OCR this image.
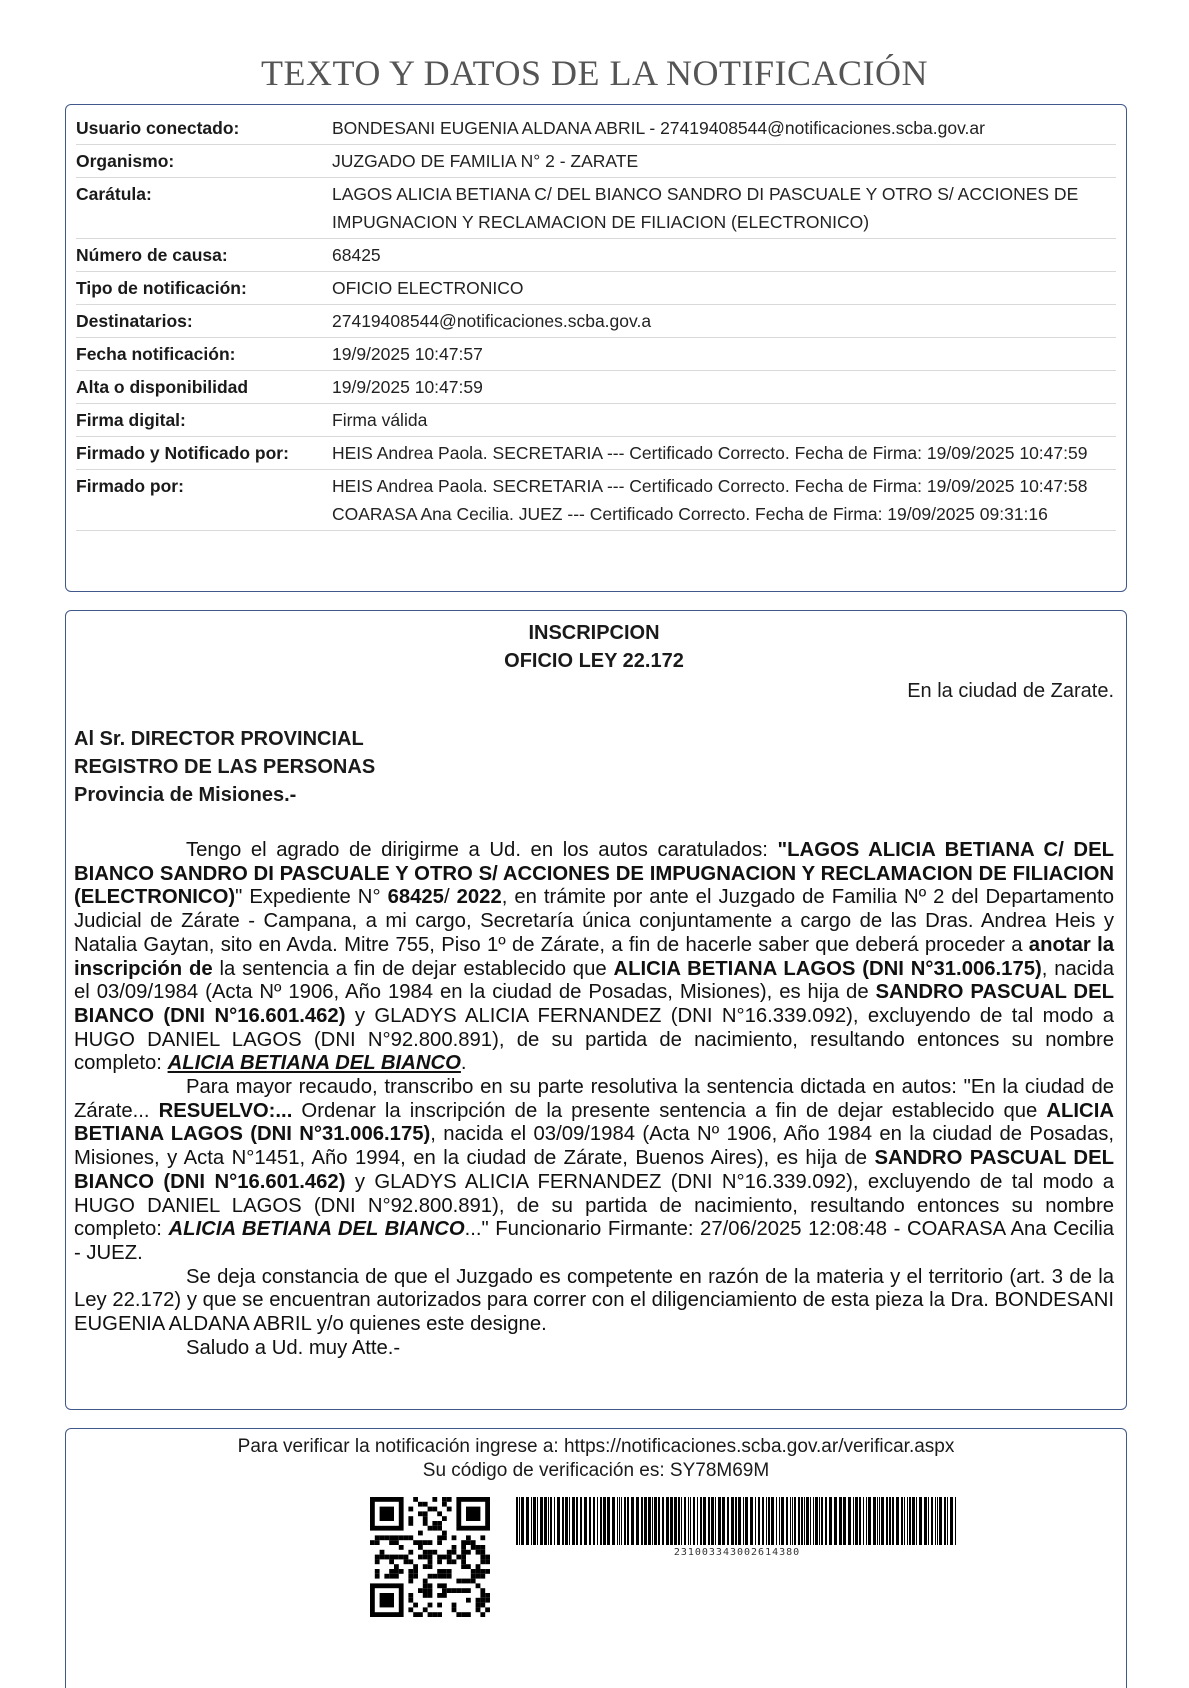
TEXTO Y DATOS DE LA NOTIFICACIÓN
Usuario conectado:	BONDESANI EUGENIA ALDANA ABRIL - 27419408544@notificaciones.scba.gov.ar
Organismo:	JUZGADO DE FAMILIA N° 2 - ZARATE
Carátula:	LAGOS ALICIA BETIANA C/ DEL BIANCO SANDRO DI PASCUALE Y OTRO S/ ACCIONES DE IMPUGNACION Y RECLAMACION DE FILIACION (ELECTRONICO)
Número de causa:	68425
Tipo de notificación:	OFICIO ELECTRONICO
Destinatarios:	27419408544@notificaciones.scba.gov.a
Fecha notificación:	19/9/2025 10:47:57
Alta o disponibilidad	19/9/2025 10:47:59
Firma digital:	Firma válida
Firmado y Notificado por:	HEIS Andrea Paola. SECRETARIA --- Certificado Correcto. Fecha de Firma: 19/09/2025 10:47:59
Firmado por:	HEIS Andrea Paola. SECRETARIA --- Certificado Correcto. Fecha de Firma: 19/09/2025 10:47:58 COARASA Ana Cecilia. JUEZ --- Certificado Correcto. Fecha de Firma: 19/09/2025 09:31:16
INSCRIPCION
OFICIO LEY 22.172
En la ciudad de Zarate.
Al Sr. DIRECTOR PROVINCIAL
REGISTRO DE LAS PERSONAS
Provincia de Misiones.-

Tengo el agrado de dirigirme a Ud. en los autos caratulados: "LAGOS ALICIA BETIANA C/ DEL BIANCO SANDRO DI PASCUALE Y OTRO S/ ACCIONES DE IMPUGNACION Y RECLAMACION DE FILIACION (ELECTRONICO)" Expediente N° 68425/ 2022, en trámite por ante el Juzgado de Familia Nº 2 del Departamento Judicial de Zárate - Campana, a mi cargo, Secretaría única conjuntamente a cargo de las Dras. Andrea Heis y Natalia Gaytan, sito en Avda. Mitre 755, Piso 1º de Zárate, a fin de hacerle saber que deberá proceder a anotar la inscripción de la sentencia a fin de dejar establecido que ALICIA BETIANA LAGOS (DNI N°31.006.175), nacida el 03/09/1984 (Acta Nº 1906, Año 1984 en la ciudad de Posadas, Misiones), es hija de SANDRO PASCUAL DEL BIANCO (DNI N°16.601.462) y GLADYS ALICIA FERNANDEZ (DNI N°16.339.092), excluyendo de tal modo a HUGO DANIEL LAGOS (DNI N°92.800.891), de su partida de nacimiento, resultando entonces su nombre completo: ALICIA BETIANA DEL BIANCO.

Para mayor recaudo, transcribo en su parte resolutiva la sentencia dictada en autos: "En la ciudad de Zárate... RESUELVO:... Ordenar la inscripción de la presente sentencia a fin de dejar establecido que ALICIA BETIANA LAGOS (DNI N°31.006.175), nacida el 03/09/1984 (Acta Nº 1906, Año 1984 en la ciudad de Posadas, Misiones, y Acta N°1451, Año 1994, en la ciudad de Zárate, Buenos Aires), es hija de SANDRO PASCUAL DEL BIANCO (DNI N°16.601.462) y GLADYS ALICIA FERNANDEZ (DNI N°16.339.092), excluyendo de tal modo a HUGO DANIEL LAGOS (DNI N°92.800.891), de su partida de nacimiento, resultando entonces su nombre completo: ALICIA BETIANA DEL BIANCO..." Funcionario Firmante: 27/06/2025 12:08:48 - COARASA Ana Cecilia - JUEZ.

Se deja constancia de que el Juzgado es competente en razón de la materia y el territorio (art. 3 de la Ley 22.172) y que se encuentran autorizados para correr con el diligenciamiento de esta pieza la Dra. BONDESANI EUGENIA ALDANA ABRIL y/o quienes este designe.

Saludo a Ud. muy Atte.-

Para verificar la notificación ingrese a: https://notificaciones.scba.gov.ar/verificar.aspx
Su código de verificación es: SY78M69M
231003343002614380
